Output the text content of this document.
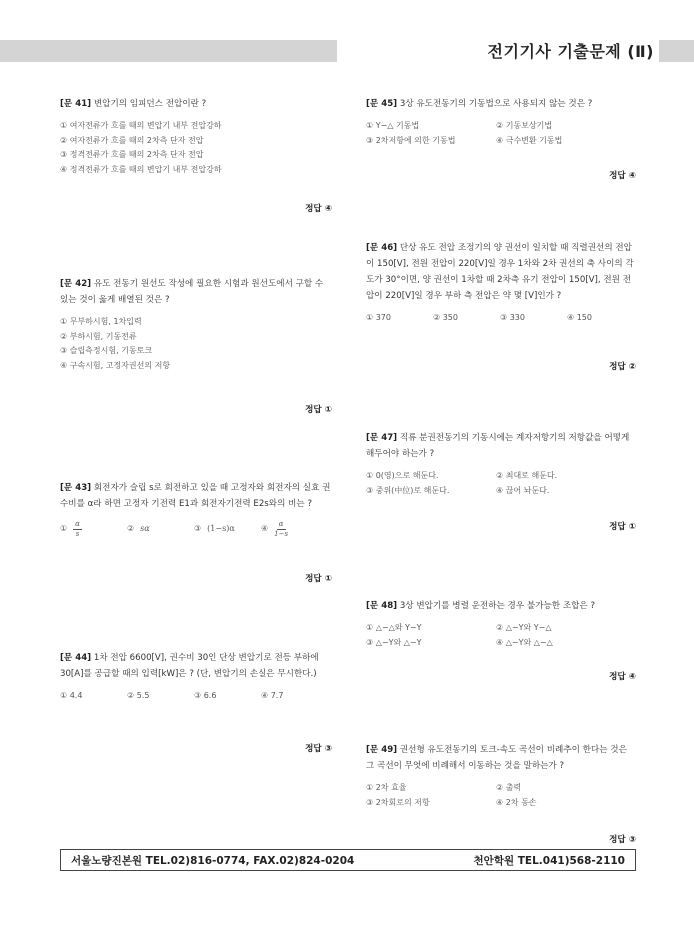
전기기사 기출문제 (Ⅱ)
[문 41] 변압기의 임피던스 전압이란 ?
① 여자전류가 흐를 때의 변압기 내부 전압강하
② 여자전류가 흐를 때의 2차측 단자 전압
③ 정격전류가 흐를 때의 2차측 단자 전압
④ 정격전류가 흐를 때의 변압기 내부 전압강하
정답 ④
[문 42] 유도 전동기 원선도 작성에 필요한 시험과 원선도에서 구할 수 있는 것이 옳게 배열된 것은 ?
① 무부하시험, 1차입력
② 부하시험, 기동전류
③ 슬립측정시험, 기동토크
④ 구속시험, 고정자권선의 저항
정답 ①
[문 43] 회전자가 슬립 s로 회전하고 있을 때 고정자와 회전자의 실효 권수비를 α라 하면 고정자 기전력 E1과 회전자기전력 E2s와의 비는 ?
① $\frac{\alpha}{s}$	② sα	③ (1−s)α	④ $\frac{\alpha}{1-s}$
정답 ①
[문 44] 1차 전압 6600[V], 권수비 30인 단상 변압기로 전등 부하에 30[A]를 공급할 때의 입력[kW]은 ? (단, 변압기의 손실은 무시한다.)
① 4.4	② 5.5	③ 6.6	④ 7.7
정답 ③
[문 45] 3상 유도전동기의 기동법으로 사용되지 않는 것은 ?
① Y−△ 기동법	② 기동보상기법
③ 2차저항에 의한 기동법	④ 극수변환 기동법
정답 ④
[문 46] 단상 유도 전압 조정기의 양 권선이 일치할 때 직렬권선의 전압이 150[V], 전원 전압이 220[V]일 경우 1차와 2차 권선의 축 사이의 각도가 30°이면, 양 권선이 1차할 때 2차측 유기 전압이 150[V], 전원 전압이 220[V]일 경우 부하 측 전압은 약 몇 [V]인가 ?
① 370	② 350	③ 330	④ 150
정답 ②
[문 47] 직류 분권전동기의 기동시에는 계자저항기의 저항값을 어떻게 해두어야 하는가 ?
① 0(영)으로 해둔다.	② 최대로 해둔다.
③ 중위(中位)로 해둔다.	④ 끊어 놔둔다.
정답 ①
[문 48] 3상 변압기를 병렬 운전하는 경우 불가능한 조합은 ?
① △−△와 Y−Y	② △−Y와 Y−△
③ △−Y와 △−Y	④ △−Y와 △−△
정답 ④
[문 49] 권선형 유도전동기의 토크-속도 곡선이 비례추이 한다는 것은 그 곡선이 무엇에 비례해서 이동하는 것을 말하는가 ?
① 2차 효율	② 출력
③ 2차회로의 저항	④ 2차 동손
정답 ③
서울노량진본원 TEL.02)816-0774, FAX.02)824-0204	천안학원 TEL.041)568-2110
